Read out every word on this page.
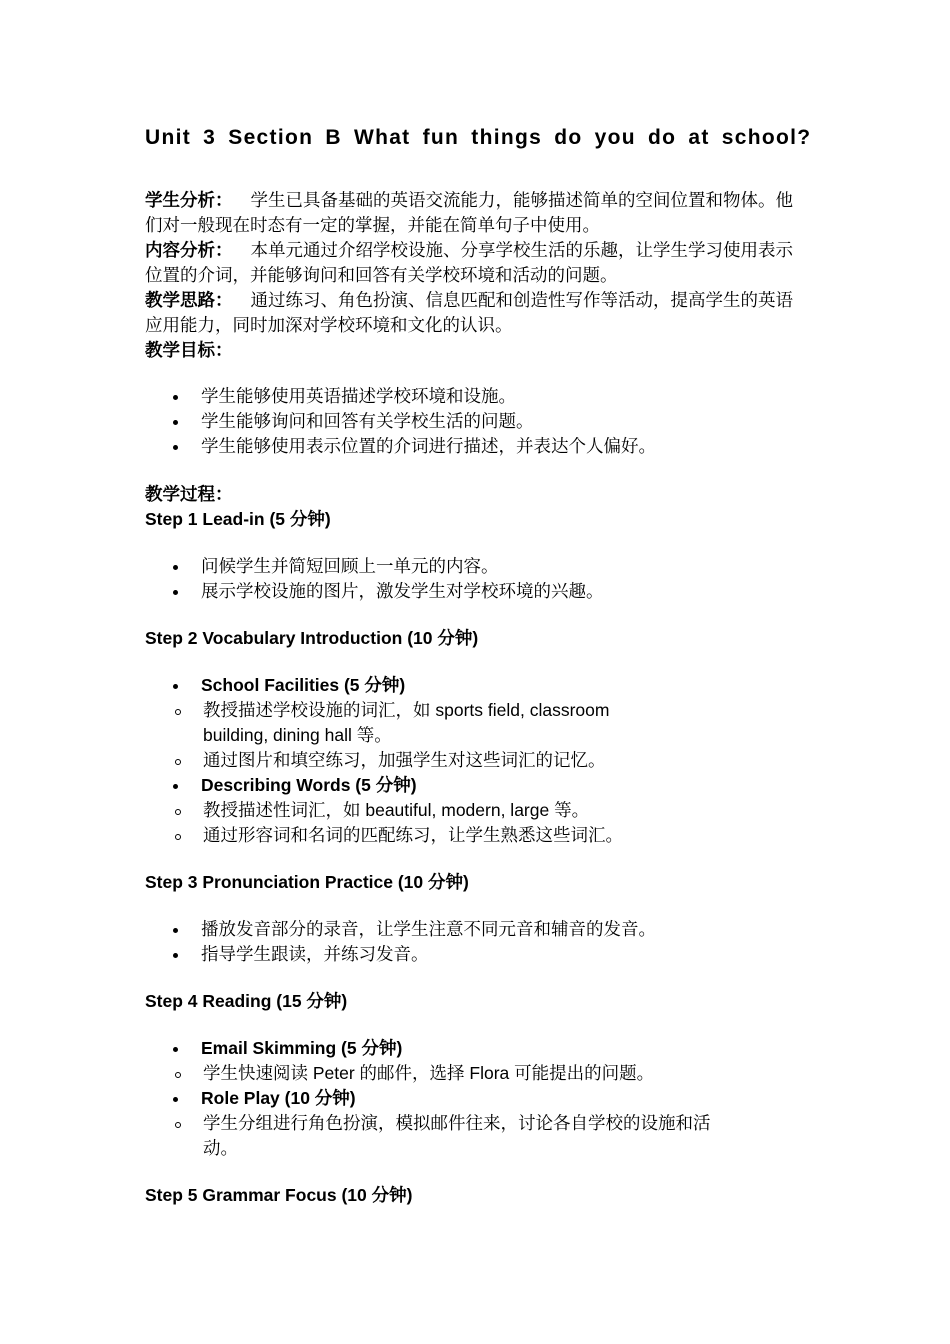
Unit 3 Section B What fun things do you do at school?

学生分析： 学生已具备基础的英语交流能力，能够描述简单的空间位置和物体。他们对一般现在时态有一定的掌握，并能在简单句子中使用。

内容分析： 本单元通过介绍学校设施、分享学校生活的乐趣，让学生学习使用表示位置的介词，并能够询问和回答有关学校环境和活动的问题。

教学思路： 通过练习、角色扮演、信息匹配和创造性写作等活动，提高学生的英语应用能力，同时加深对学校环境和文化的认识。

教学目标：

学生能够使用英语描述学校环境和设施。
学生能够询问和回答有关学校生活的问题。
学生能够使用表示位置的介词进行描述，并表达个人偏好。

教学过程：

Step 1 Lead-in (5 分钟)

问候学生并简短回顾上一单元的内容。
展示学校设施的图片，激发学生对学校环境的兴趣。

Step 2 Vocabulary Introduction (10 分钟)

School Facilities (5 分钟)
教授描述学校设施的词汇，如 sports field, classroom building, dining hall 等。
通过图片和填空练习，加强学生对这些词汇的记忆。
Describing Words (5 分钟)
教授描述性词汇，如 beautiful, modern, large 等。
通过形容词和名词的匹配练习，让学生熟悉这些词汇。

Step 3 Pronunciation Practice (10 分钟)

播放发音部分的录音，让学生注意不同元音和辅音的发音。
指导学生跟读，并练习发音。

Step 4 Reading (15 分钟)

Email Skimming (5 分钟)
学生快速阅读 Peter 的邮件，选择 Flora 可能提出的问题。
Role Play (10 分钟)
学生分组进行角色扮演，模拟邮件往来，讨论各自学校的设施和活动。

Step 5 Grammar Focus (10 分钟)
